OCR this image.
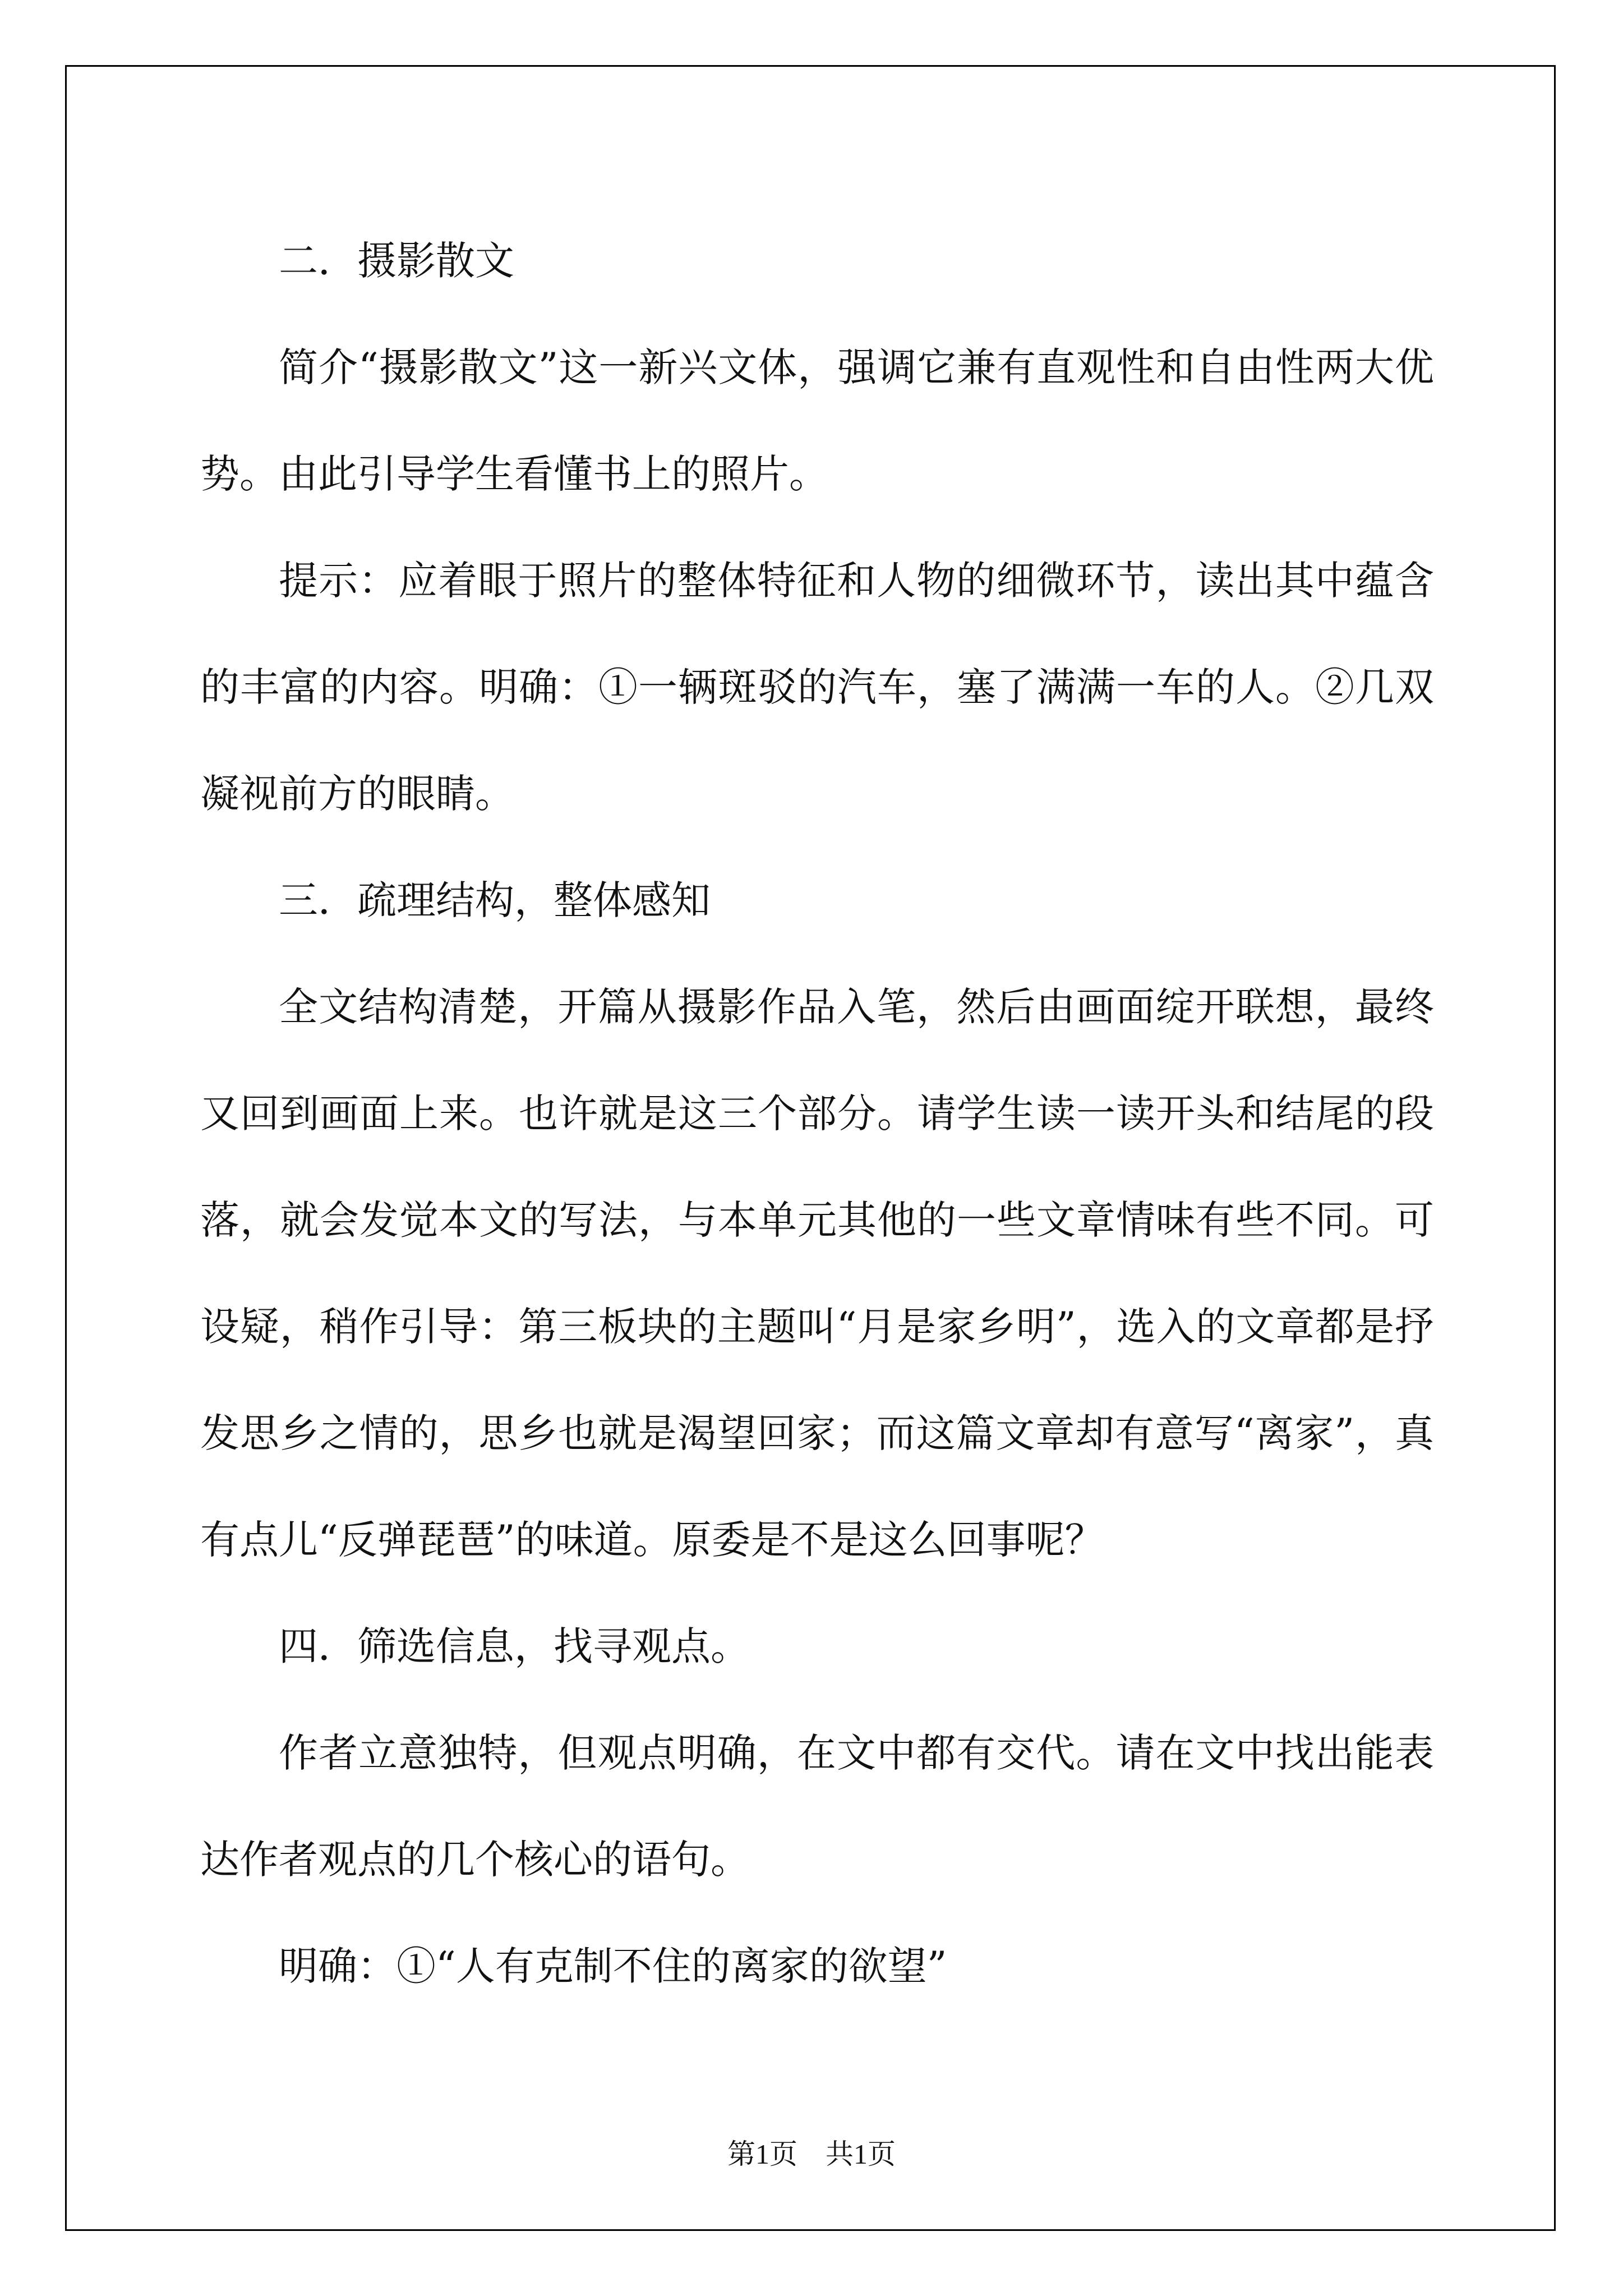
二．摄影散文

简介“摄影散文”这一新兴文体，强调它兼有直观性和自由性两大优势。由此引导学生看懂书上的照片。

提示：应着眼于照片的整体特征和人物的细微环节，读出其中蕴含的丰富的内容。明确：①一辆斑驳的汽车，塞了满满一车的人。②几双凝视前方的眼睛。

三．疏理结构，整体感知

全文结构清楚，开篇从摄影作品入笔，然后由画面绽开联想，最终又回到画面上来。也许就是这三个部分。请学生读一读开头和结尾的段落，就会发觉本文的写法，与本单元其他的一些文章情味有些不同。可设疑，稍作引导：第三板块的主题叫“月是家乡明”，选入的文章都是抒发思乡之情的，思乡也就是渴望回家；而这篇文章却有意写“离家”，真有点儿“反弹琵琶”的味道。原委是不是这么回事呢？

四．筛选信息，找寻观点。

作者立意独特，但观点明确，在文中都有交代。请在文中找出能表达作者观点的几个核心的语句。

明确：①“人有克制不住的离家的欲望”

第1页　共1页
